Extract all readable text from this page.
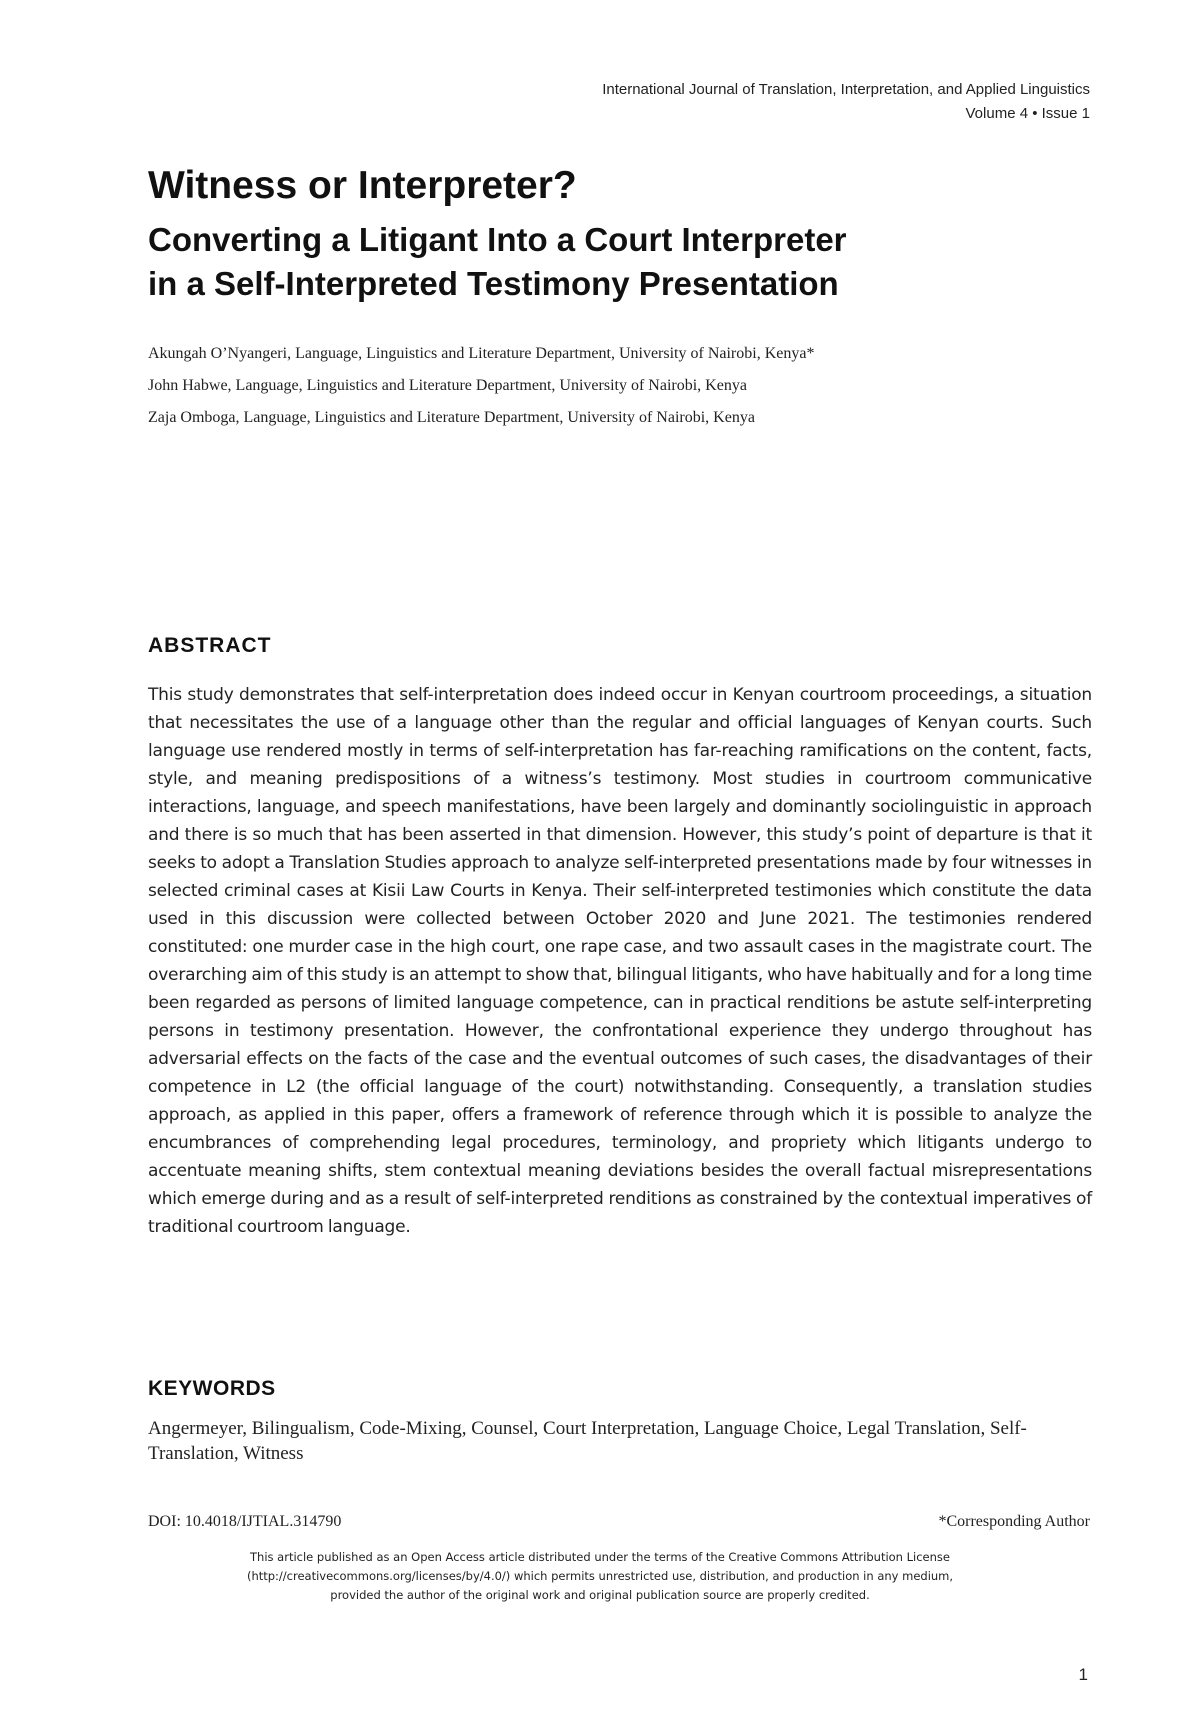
International Journal of Translation, Interpretation, and Applied Linguistics
Volume 4 • Issue 1
Witness or Interpreter?
Converting a Litigant Into a Court Interpreter
in a Self-Interpreted Testimony Presentation
Akungah O’Nyangeri, Language, Linguistics and Literature Department, University of Nairobi, Kenya*
John Habwe, Language, Linguistics and Literature Department, University of Nairobi, Kenya
Zaja Omboga, Language, Linguistics and Literature Department, University of Nairobi, Kenya
ABSTRACT
This study demonstrates that self-interpretation does indeed occur in Kenyan courtroom proceedings, a situation that necessitates the use of a language other than the regular and official languages of Kenyan courts. Such language use rendered mostly in terms of self-interpretation has far-reaching ramifications on the content, facts, style, and meaning predispositions of a witness’s testimony. Most studies in courtroom communicative interactions, language, and speech manifestations, have been largely and dominantly sociolinguistic in approach and there is so much that has been asserted in that dimension. However, this study’s point of departure is that it seeks to adopt a Translation Studies approach to analyze self-interpreted presentations made by four witnesses in selected criminal cases at Kisii Law Courts in Kenya. Their self-interpreted testimonies which constitute the data used in this discussion were collected between October 2020 and June 2021. The testimonies rendered constituted: one murder case in the high court, one rape case, and two assault cases in the magistrate court. The overarching aim of this study is an attempt to show that, bilingual litigants, who have habitually and for a long time been regarded as persons of limited language competence, can in practical renditions be astute self-interpreting persons in testimony presentation. However, the confrontational experience they undergo throughout has adversarial effects on the facts of the case and the eventual outcomes of such cases, the disadvantages of their competence in L2 (the official language of the court) notwithstanding. Consequently, a translation studies approach, as applied in this paper, offers a framework of reference through which it is possible to analyze the encumbrances of comprehending legal procedures, terminology, and propriety which litigants undergo to accentuate meaning shifts, stem contextual meaning deviations besides the overall factual misrepresentations which emerge during and as a result of self-interpreted renditions as constrained by the contextual imperatives of traditional courtroom language.
KEYWORDS
Angermeyer, Bilingualism, Code-Mixing, Counsel, Court Interpretation, Language Choice, Legal Translation, Self-Translation, Witness
DOI: 10.4018/IJTIAL.314790	*Corresponding Author
This article published as an Open Access article distributed under the terms of the Creative Commons Attribution License
(http://creativecommons.org/licenses/by/4.0/) which permits unrestricted use, distribution, and production in any medium,
provided the author of the original work and original publication source are properly credited.
1
